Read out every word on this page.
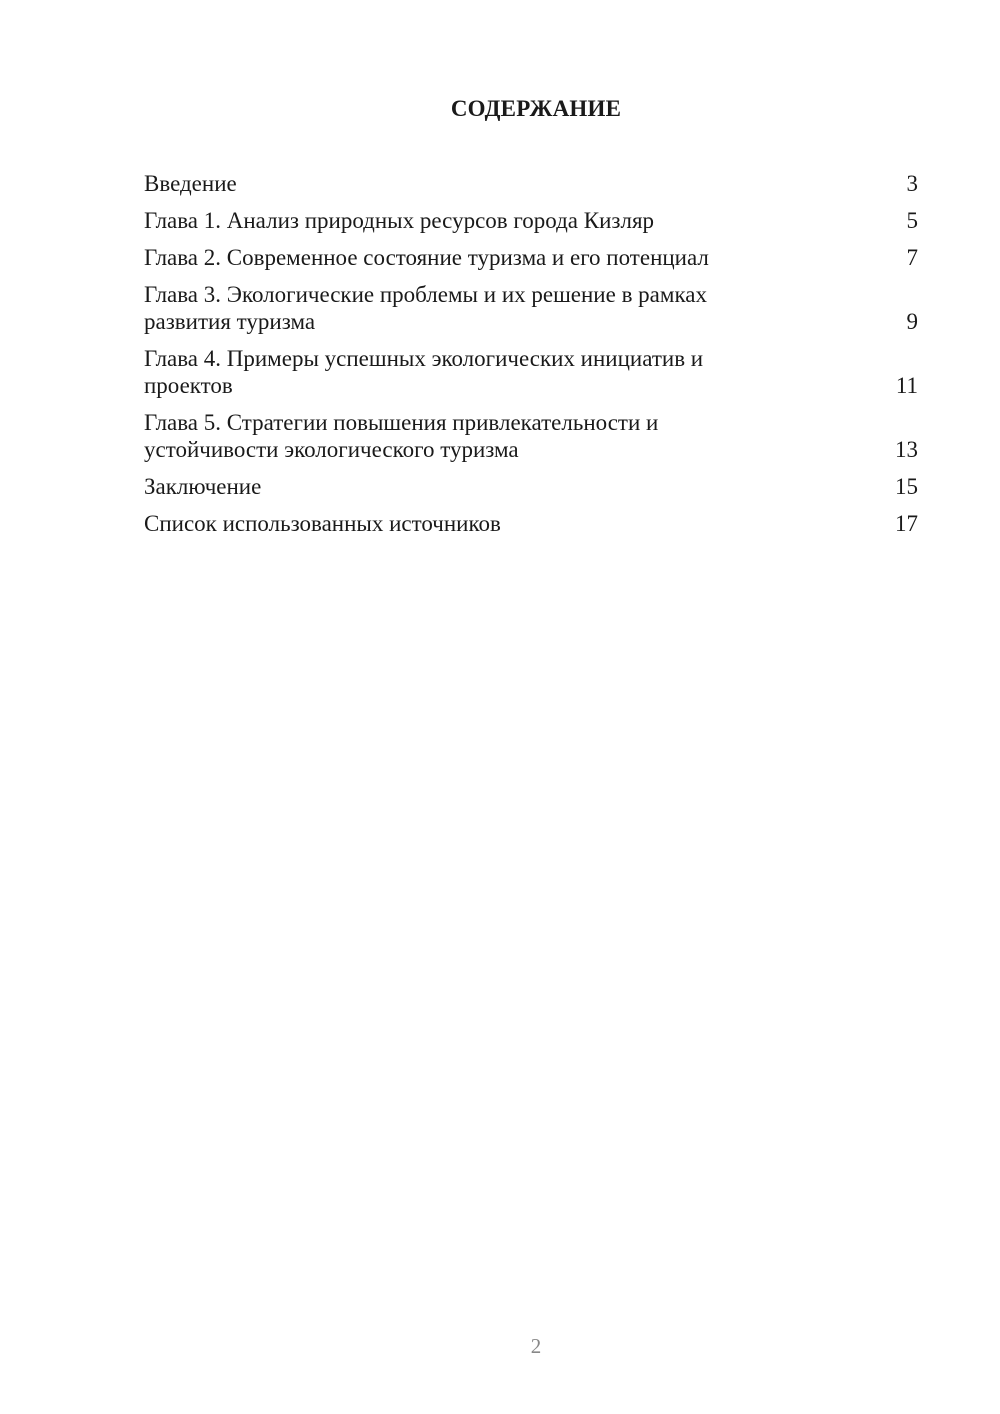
СОДЕРЖАНИЕ
Введение	3
Глава 1. Анализ природных ресурсов города Кизляр	5
Глава 2. Современное состояние туризма и его потенциал	7
Глава 3. Экологические проблемы и их решение в рамках развития туризма	9
Глава 4. Примеры успешных экологических инициатив и проектов	11
Глава 5. Стратегии повышения привлекательности и устойчивости экологического туризма	13
Заключение	15
Список использованных источников	17
2
